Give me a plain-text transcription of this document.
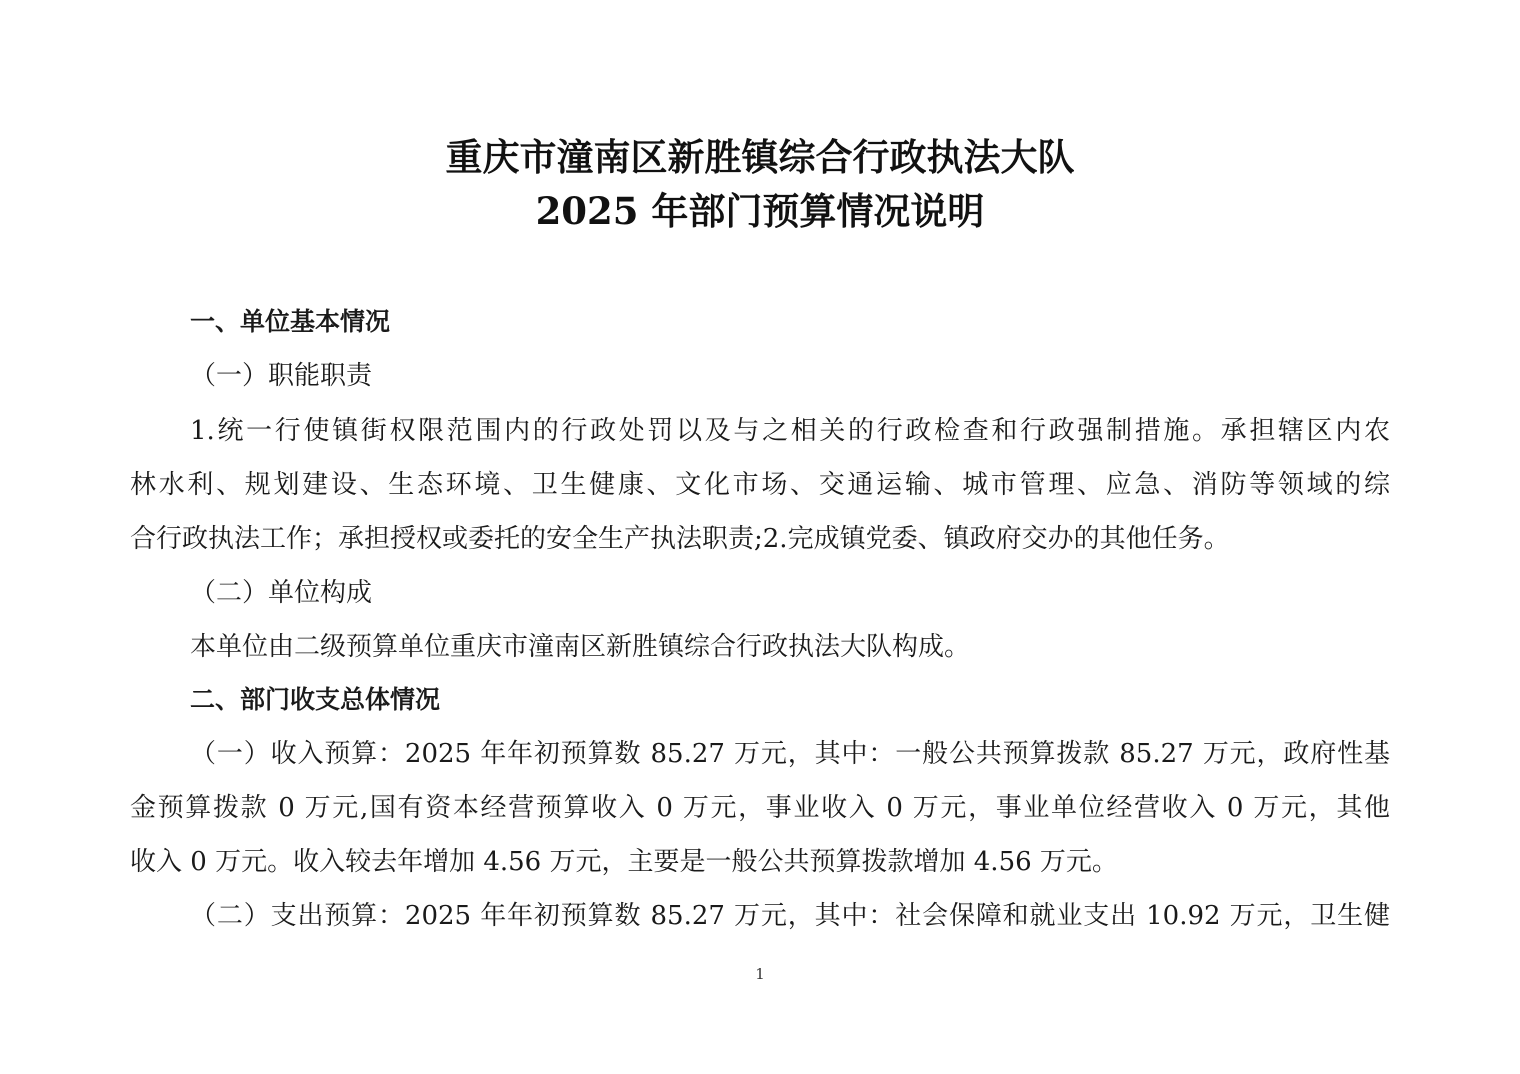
重庆市潼南区新胜镇综合行政执法大队
2025 年部门预算情况说明

一、单位基本情况

（一）职能职责

1.统一行使镇街权限范围内的行政处罚以及与之相关的行政检查和行政强制措施。承担辖区内农

林水利、规划建设、生态环境、卫生健康、文化市场、交通运输、城市管理、应急、消防等领域的综

合行政执法工作；承担授权或委托的安全生产执法职责;2.完成镇党委、镇政府交办的其他任务。

（二）单位构成

本单位由二级预算单位重庆市潼南区新胜镇综合行政执法大队构成。

二、部门收支总体情况

（一）收入预算：2025 年年初预算数 85.27 万元，其中：一般公共预算拨款 85.27 万元，政府性基

金预算拨款 0 万元,国有资本经营预算收入 0 万元，事业收入 0 万元，事业单位经营收入 0 万元，其他

收入 0 万元。收入较去年增加 4.56 万元，主要是一般公共预算拨款增加 4.56 万元。

（二）支出预算：2025 年年初预算数 85.27 万元，其中：社会保障和就业支出 10.92 万元，卫生健

1
